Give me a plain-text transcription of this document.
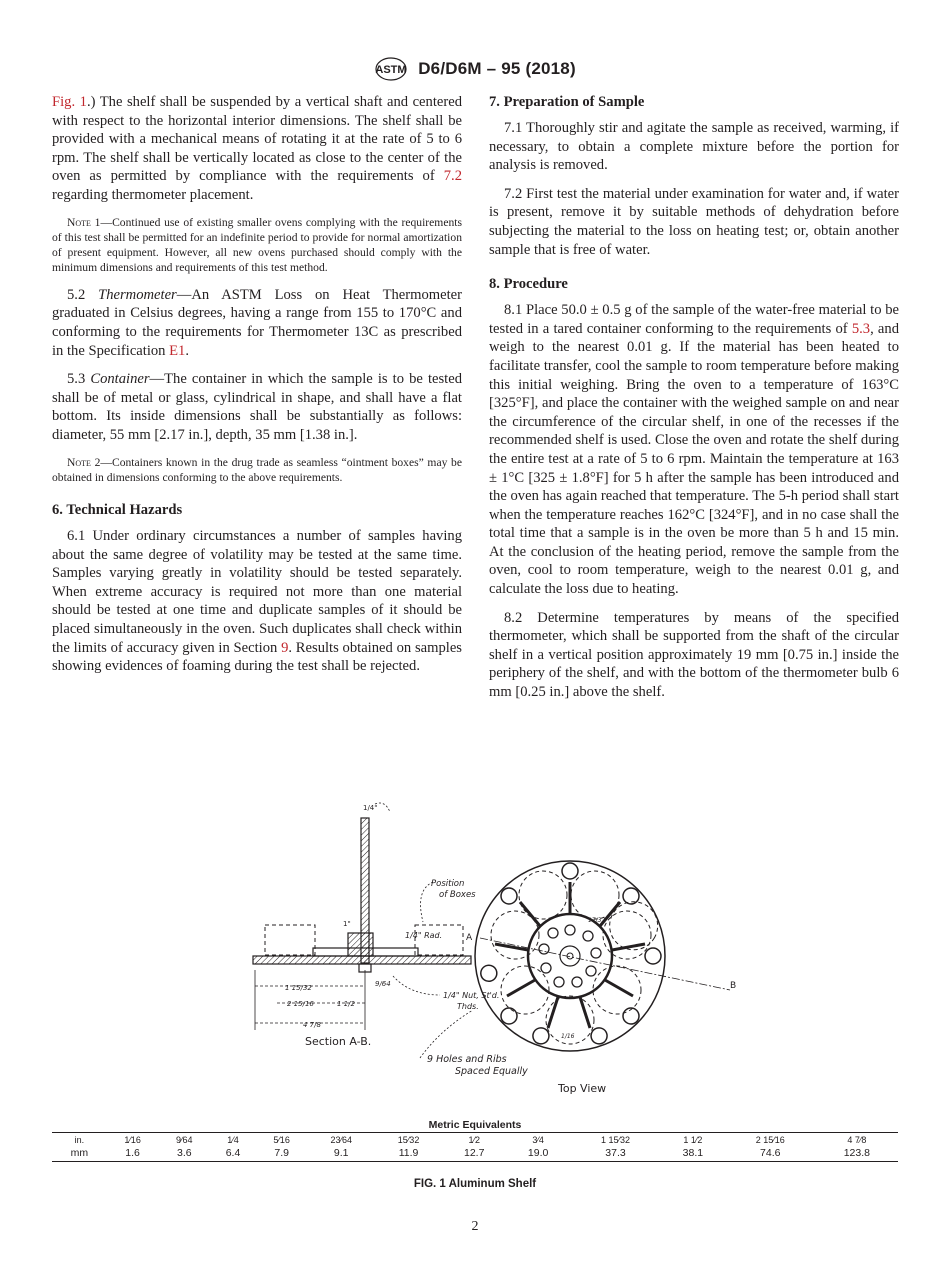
ASTM D6/D6M – 95 (2018)

Fig. 1.) The shelf shall be suspended by a vertical shaft and centered with respect to the horizontal interior dimensions. The shelf shall be provided with a mechanical means of rotating it at the rate of 5 to 6 rpm. The shelf shall be vertically located as close to the center of the oven as permitted by compliance with the requirements of 7.2 regarding thermometer placement.

Note 1—Continued use of existing smaller ovens complying with the requirements of this test shall be permitted for an indefinite period to provide for normal amortization of present equipment. However, all new ovens purchased should comply with the minimum dimensions and requirements of this test method.

5.2 Thermometer—An ASTM Loss on Heat Thermometer graduated in Celsius degrees, having a range from 155 to 170°C and conforming to the requirements for Thermometer 13C as prescribed in the Specification E1.

5.3 Container—The container in which the sample is to be tested shall be of metal or glass, cylindrical in shape, and shall have a flat bottom. Its inside dimensions shall be substantially as follows: diameter, 55 mm [2.17 in.], depth, 35 mm [1.38 in.].

Note 2—Containers known in the drug trade as seamless “ointment boxes” may be obtained in dimensions conforming to the above requirements.
6. Technical Hazards

6.1 Under ordinary circumstances a number of samples having about the same degree of volatility may be tested at the same time. Samples varying greatly in volatility should be tested separately. When extreme accuracy is required not more than one material should be tested at one time and duplicate samples of it should be placed simultaneously in the oven. Such duplicates shall check within the limits of accuracy given in Section 9. Results obtained on samples showing evidences of foaming during the test shall be rejected.

7. Preparation of Sample

7.1 Thoroughly stir and agitate the sample as received, warming, if necessary, to obtain a complete mixture before the portion for analysis is removed.

7.2 First test the material under examination for water and, if water is present, remove it by suitable methods of dehydration before subjecting the material to the loss on heating test; or, obtain another sample that is free of water.

8. Procedure

8.1 Place 50.0 ± 0.5 g of the sample of the water-free material to be tested in a tared container conforming to the requirements of 5.3, and weigh to the nearest 0.01 g. If the material has been heated to facilitate transfer, cool the sample to room temperature before making this initial weighing. Bring the oven to a temperature of 163°C [325°F], and place the container with the weighed sample on and near the circumference of the circular shelf, in one of the recesses if the recommended shelf is used. Close the oven and rotate the shelf during the entire test at a rate of 5 to 6 rpm. Maintain the temperature at 163 ± 1°C [325 ± 1.8°F] for 5 h after the sample has been introduced and the oven has again reached that temperature. The 5-h period shall start when the temperature reaches 162°C [324°F], and in no case shall the total time that a sample is in the oven be more than 5 h and 15 min. At the conclusion of the heating period, remove the sample from the oven, cool to room temperature, weigh to the nearest 0.01 g, and calculate the loss due to heating.

8.2 Determine temperatures by means of the specified thermometer, which shall be supported from the shaft of the circular shelf in a vertical position approximately 19 mm [0.75 in.] inside the periphery of the shelf, and with the bottom of the thermometer bulb 6 mm [0.25 in.] above the shelf.

1/4"
1"
1/4" Rad.
Position
of Boxes
1/4" Nut, St'd.
Thds.
1 15/32
2 15/16	1 1/2
4 7/8
9/64
Section A-B.
A
B
17/32
1/16
9 Holes and Ribs
Spaced Equally
Top View
Metric Equivalents
in.	1⁄16	9⁄64	1⁄4	5⁄16	23⁄64	15⁄32	1⁄2	3⁄4	1 15⁄32	1 1⁄2	2 15⁄16	4 7⁄8
mm	1.6	3.6	6.4	7.9	9.1	11.9	12.7	19.0	37.3	38.1	74.6	123.8
FIG. 1 Aluminum Shelf
2
